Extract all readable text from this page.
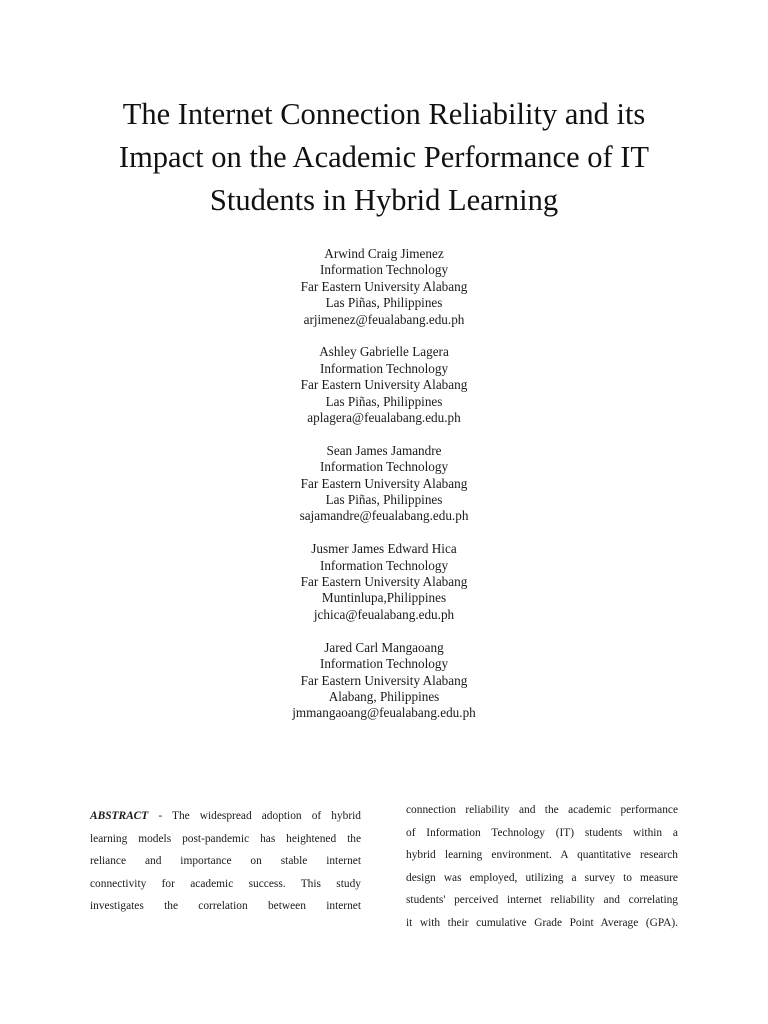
The Internet Connection Reliability and its
Impact on the Academic Performance of IT
Students in Hybrid Learning
Arwind Craig Jimenez
Information Technology
Far Eastern University Alabang
Las Piñas, Philippines
arjimenez@feualabang.edu.ph
Ashley Gabrielle Lagera
Information Technology
Far Eastern University Alabang
Las Piñas, Philippines
aplagera@feualabang.edu.ph
Sean James Jamandre
Information Technology
Far Eastern University Alabang
Las Piñas, Philippines
sajamandre@feualabang.edu.ph
Jusmer James Edward Hica
Information Technology
Far Eastern University Alabang
Muntinlupa,Philippines
jchica@feualabang.edu.ph
Jared Carl Mangaoang
Information Technology
Far Eastern University Alabang
Alabang, Philippines
jmmangaoang@feualabang.edu.ph
ABSTRACT - The widespread adoption of hybrid
learning models post-pandemic has heightened the
reliance and importance on stable internet
connectivity for academic success. This study
investigates the correlation between internet
connection reliability and the academic performance
of Information Technology (IT) students within a
hybrid learning environment. A quantitative research
design was employed, utilizing a survey to measure
students' perceived internet reliability and correlating
it with their cumulative Grade Point Average (GPA).
